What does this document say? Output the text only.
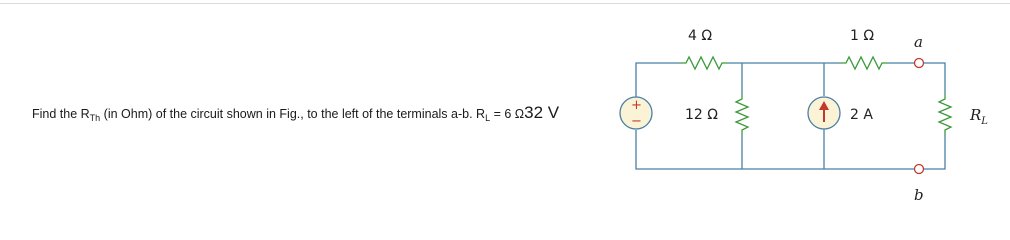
Find the $R_{Th}$ (in Ohm) of the circuit shown in Fig., to the left of the terminals a-b. $R_L = 6$ Ω32 V	+
−
4 Ω	1 Ω
12 Ω	2 A
a
b
$R_L$
